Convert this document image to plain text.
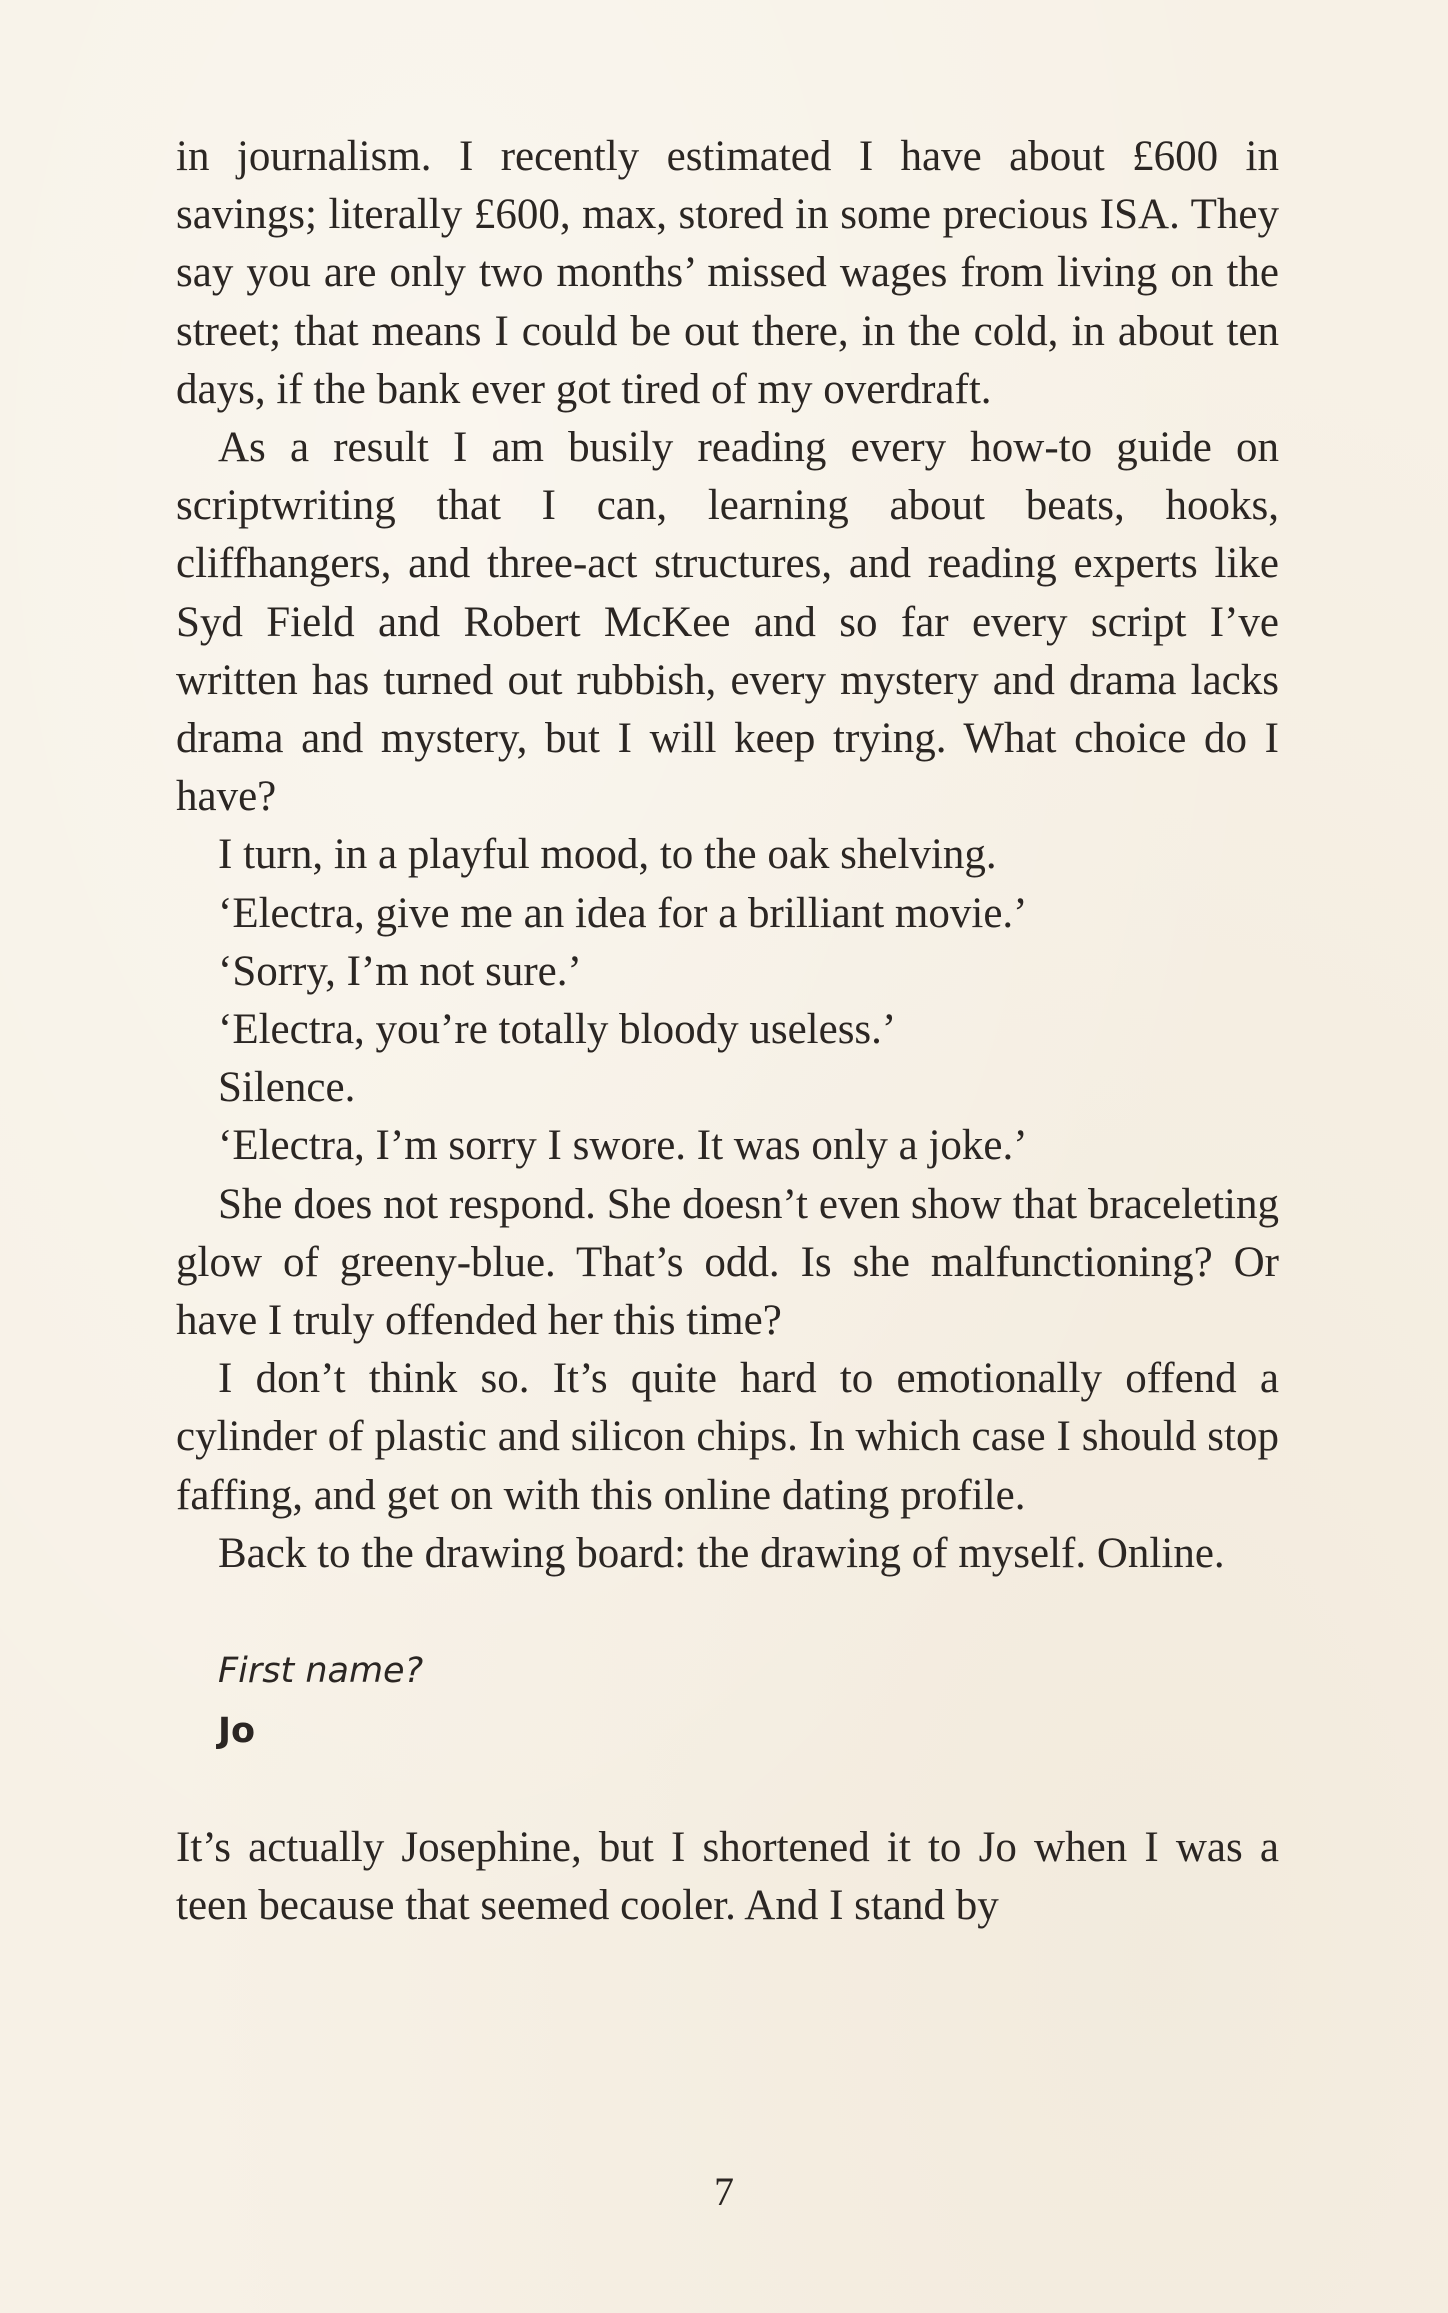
in journalism. I recently estimated I have about £600 in savings; literally £600, max, stored in some precious ISA. They say you are only two months’ missed wages from living on the street; that means I could be out there, in the cold, in about ten days, if the bank ever got tired of my overdraft.

As a result I am busily reading every how-to guide on scriptwriting that I can, learning about beats, hooks, cliffhangers, and three-act structures, and reading experts like Syd Field and Robert McKee and so far every script I’ve written has turned out rubbish, every mystery and drama lacks drama and mystery, but I will keep trying. What choice do I have?

I turn, in a playful mood, to the oak shelving.

‘Electra, give me an idea for a brilliant movie.’

‘Sorry, I’m not sure.’

‘Electra, you’re totally bloody useless.’

Silence.

‘Electra, I’m sorry I swore. It was only a joke.’

She does not respond. She doesn’t even show that braceleting glow of greeny-blue. That’s odd. Is she malfunctioning? Or have I truly offended her this time?

I don’t think so. It’s quite hard to emotionally offend a cylinder of plastic and silicon chips. In which case I should stop faffing, and get on with this online dating profile.

Back to the drawing board: the drawing of myself. Online.

First name?
Jo

It’s actually Josephine, but I shortened it to Jo when I was a teen because that seemed cooler. And I stand by

7
